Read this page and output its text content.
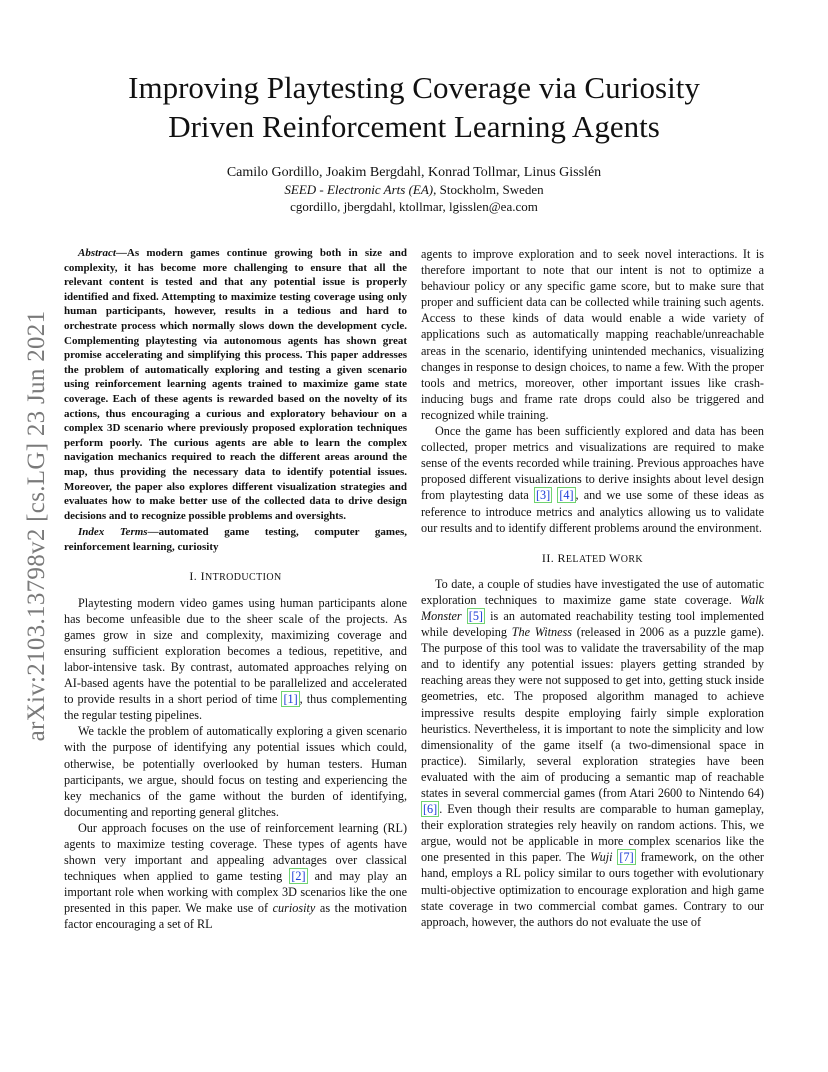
arXiv:2103.13798v2 [cs.LG] 23 Jun 2021
Improving Playtesting Coverage via Curiosity
Driven Reinforcement Learning Agents
Camilo Gordillo, Joakim Bergdahl, Konrad Tollmar, Linus Gisslén
SEED - Electronic Arts (EA), Stockholm, Sweden
cgordillo, jbergdahl, ktollmar, lgisslen@ea.com

Abstract—As modern games continue growing both in size and complexity, it has become more challenging to ensure that all the relevant content is tested and that any potential issue is properly identified and fixed. Attempting to maximize testing coverage using only human participants, however, results in a tedious and hard to orchestrate process which normally slows down the development cycle. Complementing playtesting via autonomous agents has shown great promise accelerating and simplifying this process. This paper addresses the problem of automatically exploring and testing a given scenario using reinforcement learning agents trained to maximize game state coverage. Each of these agents is rewarded based on the novelty of its actions, thus encouraging a curious and exploratory behaviour on a complex 3D scenario where previously proposed exploration techniques perform poorly. The curious agents are able to learn the complex navigation mechanics required to reach the different areas around the map, thus providing the necessary data to identify potential issues. Moreover, the paper also explores different visualization strategies and evaluates how to make better use of the collected data to drive design decisions and to recognize possible problems and oversights.

Index Terms—automated game testing, computer games, reinforcement learning, curiosity

I. INTRODUCTION

Playtesting modern video games using human participants alone has become unfeasible due to the sheer scale of the projects. As games grow in size and complexity, maximizing coverage and ensuring sufficient exploration becomes a tedious, repetitive, and labor-intensive task. By contrast, automated approaches relying on AI-based agents have the potential to be parallelized and accelerated to provide results in a short period of time [1] , thus complementing the regular testing pipelines.

We tackle the problem of automatically exploring a given scenario with the purpose of identifying any potential issues which could, otherwise, be potentially overlooked by human testers. Human participants, we argue, should focus on testing and experiencing the key mechanics of the game without the burden of identifying, documenting and reporting general glitches.

Our approach focuses on the use of reinforcement learning (RL) agents to maximize testing coverage. These types of agents have shown very important and appealing advantages over classical techniques when applied to game testing [2] and may play an important role when working with complex 3D scenarios like the one presented in this paper. We make use of curiosity as the motivation factor encouraging a set of RL

agents to improve exploration and to seek novel interactions. It is therefore important to note that our intent is not to optimize a behaviour policy or any specific game score, but to make sure that proper and sufficient data can be collected while training such agents. Access to these kinds of data would enable a wide variety of applications such as automatically mapping reachable/unreachable areas in the scenario, identifying unintended mechanics, visualizing changes in response to design choices, to name a few. With the proper tools and metrics, moreover, other important issues like crash-inducing bugs and frame rate drops could also be triggered and recognized while training.

Once the game has been sufficiently explored and data has been collected, proper metrics and visualizations are required to make sense of the events recorded while training. Previous approaches have proposed different visualizations to derive insights about level design from playtesting data [3] [4] , and we use some of these ideas as reference to introduce metrics and analytics allowing us to validate our results and to identify different problems around the environment.

II. RELATED WORK

To date, a couple of studies have investigated the use of automatic exploration techniques to maximize game state coverage. Walk Monster [5] is an automated reachability testing tool implemented while developing The Witness (released in 2006 as a puzzle game). The purpose of this tool was to validate the traversability of the map and to identify any potential issues: players getting stranded by reaching areas they were not supposed to get into, getting stuck inside geometries, etc. The proposed algorithm managed to achieve impressive results despite employing fairly simple exploration heuristics. Nevertheless, it is important to note the simplicity and low dimensionality of the game itself (a two-dimensional space in practice). Similarly, several exploration strategies have been evaluated with the aim of producing a semantic map of reachable states in several commercial games (from Atari 2600 to Nintendo 64) [6] . Even though their results are comparable to human gameplay, their exploration strategies rely heavily on random actions. This, we argue, would not be applicable in more complex scenarios like the one presented in this paper. The Wuji [7] framework, on the other hand, employs a RL policy similar to ours together with evolutionary multi-objective optimization to encourage exploration and high game state coverage in two commercial combat games. Contrary to our approach, however, the authors do not evaluate the use of
